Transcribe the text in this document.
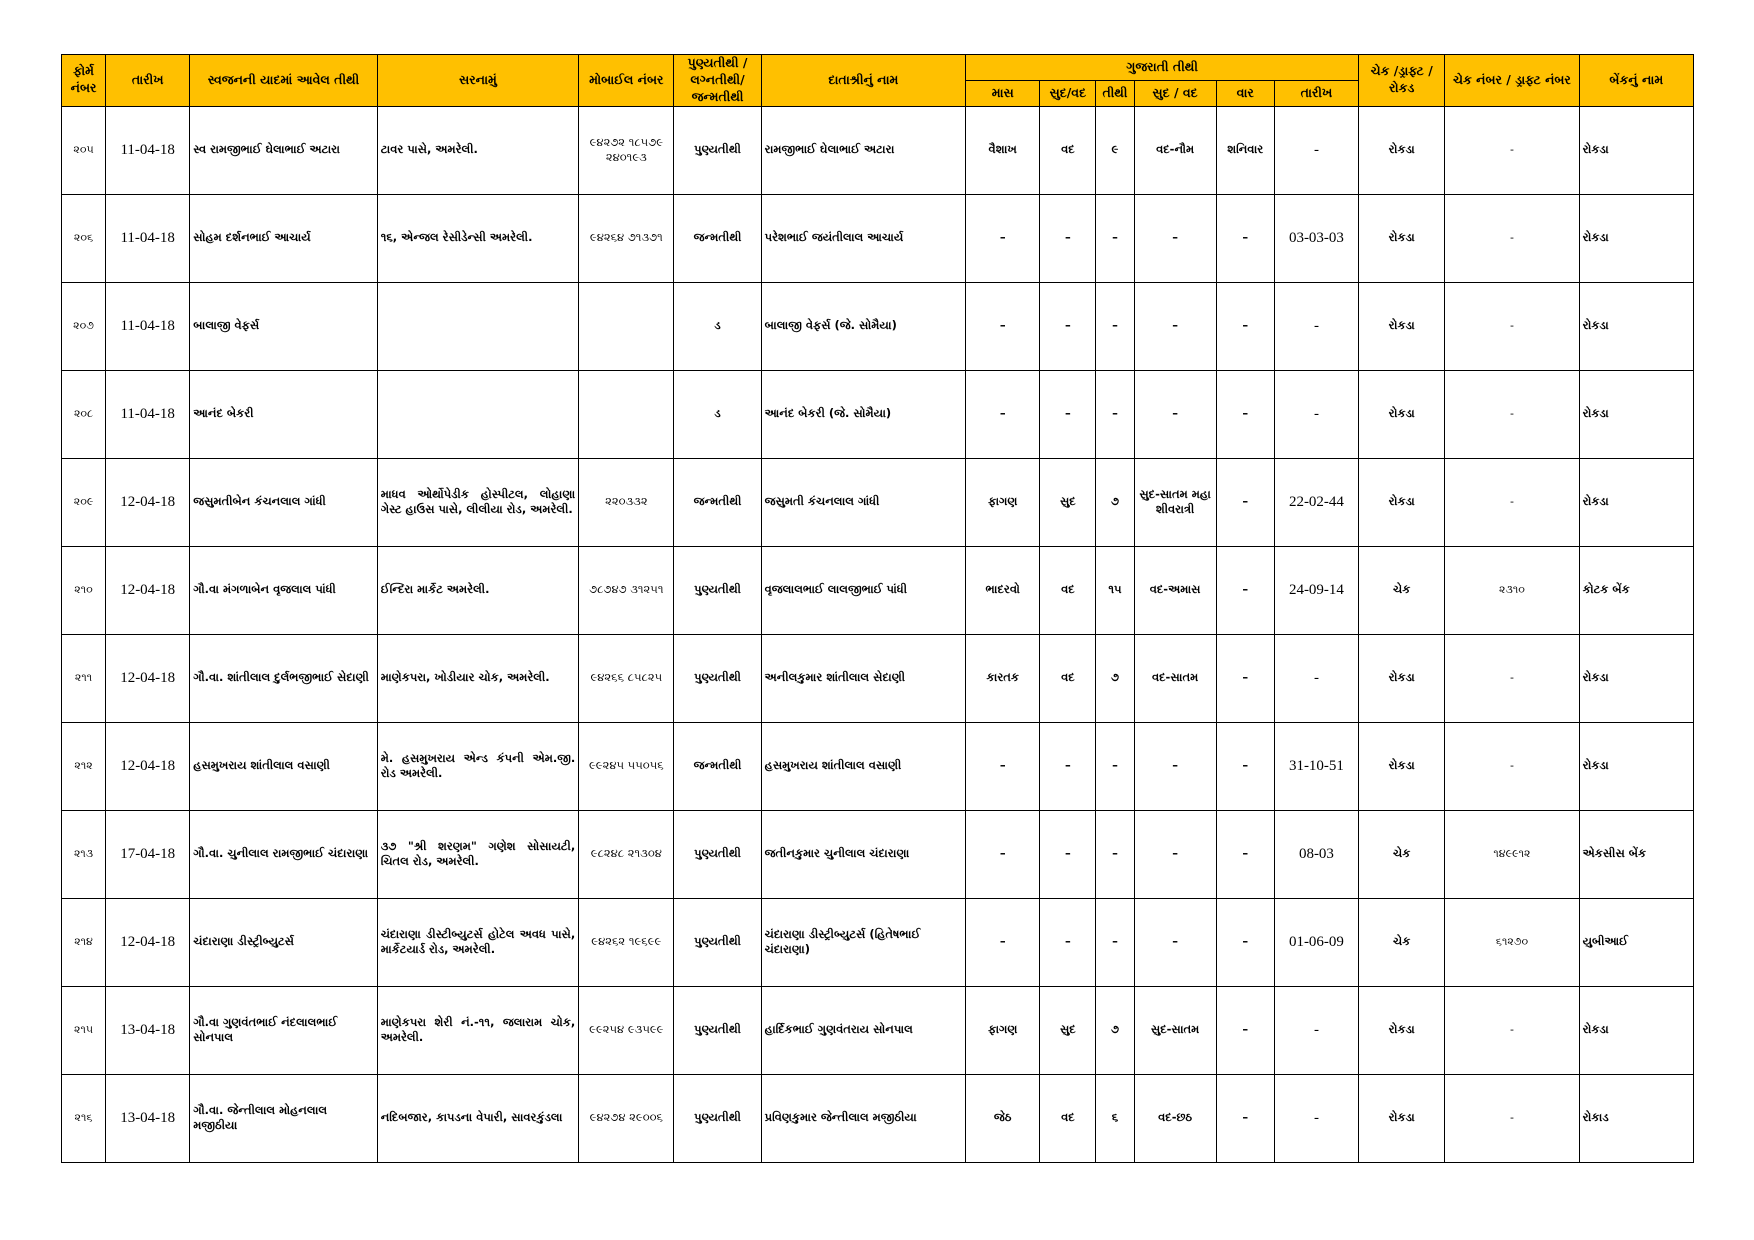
ફોર્મ નંબર	તારીખ	સ્વજનની યાદમાં આવેલ તીથી	સરનામું	મોબાઈલ નંબર	પુણ્યતીથી / લગ્નતીથી/ જન્મતીથી	દાતાશ્રીનું નામ	ગુજરાતી તીથી						ચેક /ડ્રાફ્ટ / રોકડ	ચેક નંબર / ડ્રાફ્ટ નંબર	બેંકનું નામ
							માસ	સુદ/વદ	તીથી	સુદ / વદ	વાર	તારીખ			
૨૦૫	11-04-18	સ્વ રામજીભાઈ ઘેલાભાઈ અટારા	ટાવર પાસે, અમરેલી.	૯૪૨૭૨ ૧૮૫૭૯ ૨૪૦૧૯૩	પુણ્યતીથી	રામજીભાઈ ઘેલાભાઈ અટારા	વૈશાખ	વદ	૯	વદ-નૌમ	શનિવાર	-	રોકડા	-	રોકડા
૨૦૬	11-04-18	સોહમ દર્શનભાઈ આચાર્ય	૧૬, એન્જલ રેસીડેન્સી અમરેલી.	૯૪૨૬૪ ૭૧૩૭૧	જન્મતીથી	પરેશભાઈ જયંતીલાલ આચાર્ય	–	–	–	–	–	03-03-03	રોકડા	-	રોકડા
૨૦૭	11-04-18	બાલાજી વેફર્સ			ડ	બાલાજી વેફર્સ (જે. સોમૈયા)	–	–	–	–	–	-	રોકડા	-	રોકડા
૨૦૮	11-04-18	આનંદ બેકરી			ડ	આનંદ બેકરી (જે. સોમૈયા)	–	–	–	–	–	-	રોકડા	-	રોકડા
૨૦૯	12-04-18	જસુમતીબેન કંચનલાલ ગાંધી	માધવ ઓર્થોપેડીક હોસ્પીટલ, લોહાણા ગેસ્ટ હાઉસ પાસે, લીલીયા રોડ, અમરેલી.	૨૨૦૩૩૨	જન્મતીથી	જસુમતી કંચનલાલ ગાંધી	ફાગણ	સુદ	૭	સુદ-સાતમ મહા શીવરાત્રી	–	22-02-44	રોકડા	-	રોકડા
૨૧૦	12-04-18	ગૌ.વા મંગળાબેન વૃજલાલ પાંધી	ઈન્દિરા માર્કેટ અમરેલી.	૭૮૭૪૭ ૩૧૨૫૧	પુણ્યતીથી	વૃજલાલભાઈ લાલજીભાઈ પાંધી	ભાદરવો	વદ	૧૫	વદ-અમાસ	–	24-09-14	ચેક	૨૩૧૦	કોટક બેંક
૨૧૧	12-04-18	ગૌ.વા. શાંતીલાલ દુર્લભજીભાઈ સેદાણી	માણેકપરા, ખોડીયાર ચોક, અમરેલી.	૯૪૨૬૬ ૮૫૮૨૫	પુણ્યતીથી	અનીલકુમાર શાંતીલાલ સેદાણી	કારતક	વદ	૭	વદ-સાતમ	–	-	રોકડા	-	રોકડા
૨૧૨	12-04-18	હસમુખરાય શાંતીલાલ વસાણી	મે. હસમુખરાય એન્ડ કંપની એમ.જી. રોડ અમરેલી.	૯૯૨૪૫ ૫૫૦૫૬	જન્મતીથી	હસમુખરાય શાંતીલાલ વસાણી	–	–	–	–	–	31-10-51	રોકડા	-	રોકડા
૨૧૩	17-04-18	ગૌ.વા. ચુનીલાલ રામજીભાઈ ચંદારાણા	૩૭ "શ્રી શરણમ" ગણેશ સોસાયટી, ચિતલ રોડ, અમરેલી.	૯૮૨૪૮ ૨૧૩૦૪	પુણ્યતીથી	જતીનકુમાર ચુનીલાલ ચંદારાણા	–	–	–	–	–	08-03	ચેક	૧૪૯૯૧૨	એકસીસ બેંક
૨૧૪	12-04-18	ચંદારાણા ડીસ્ટ્રીબ્યુટર્સ	ચંદારાણા ડીસ્ટીબ્યુટર્સ હોટેલ અવધ પાસે, માર્કેટયાર્ડ રોડ, અમરેલી.	૯૪૨૬૨ ૧૯૬૯૯	પુણ્યતીથી	ચંદારાણા ડીસ્ટ્રીબ્યુટર્સ (હિતેષભાઈ ચંદારાણા)	–	–	–	–	–	01-06-09	ચેક	૬૧૨૭૦	યુબીઆઈ
૨૧૫	13-04-18	ગૌ.વા ગુણવંતભાઈ નંદલાલભાઈ સોનપાલ	માણેકપરા શેરી નં.-૧૧, જલારામ ચોક, અમરેલી.	૯૯૨૫૪ ૯૩૫૯૯	પુણ્યતીથી	હાર્દિકભાઈ ગુણવંતરાય સોનપાલ	ફાગણ	સુદ	૭	સુદ-સાતમ	–	-	રોકડા	-	રોકડા
૨૧૬	13-04-18	ગૌ.વા. જેન્તીલાલ મોહનલાલ મજીઠીયા	નદિબજાર, કાપડના વેપારી, સાવરકુંડલા	૯૪૨૭૪ ૨૯૦૦૬	પુણ્યતીથી	પ્રવિણકુમાર જેન્તીલાલ મજીઠીયા	જેઠ	વદ	૬	વદ-છઠ	–	-	રોકડા	-	રોકાડ
